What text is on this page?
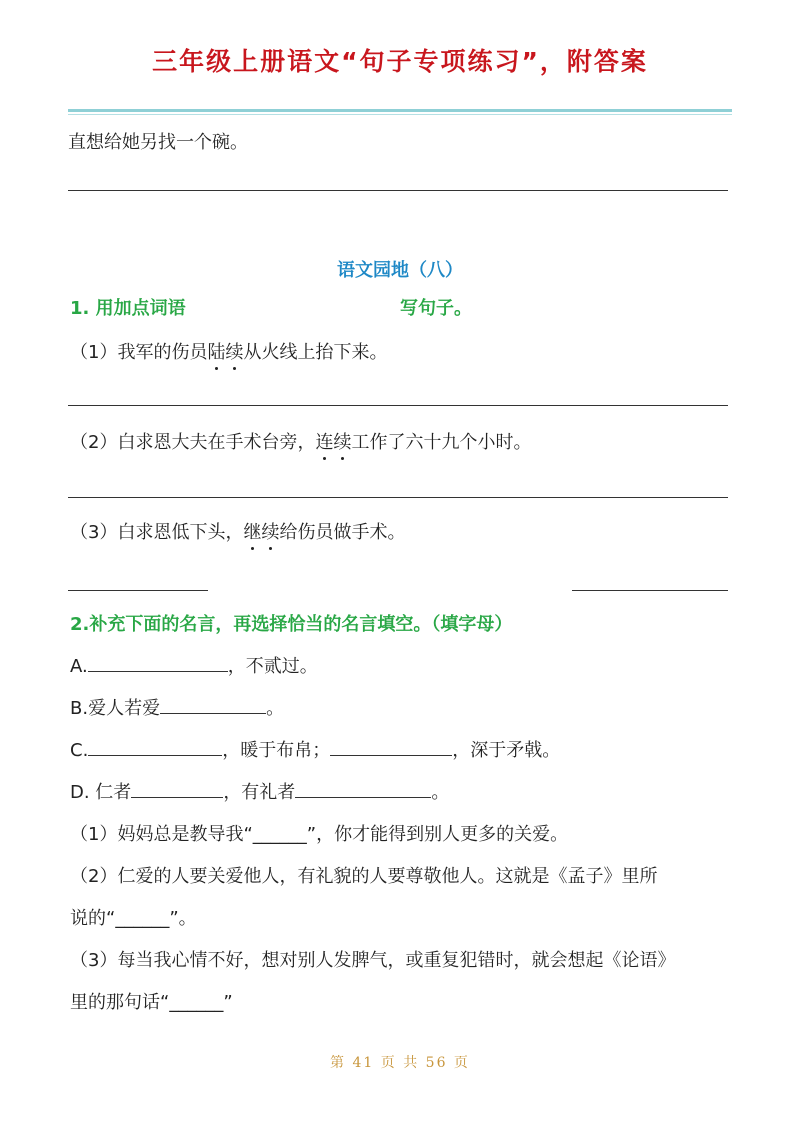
三年级上册语文“句子专项练习”，附答案
直想给她另找一个碗。
语文园地（八）
1. 用加点词语	写句子。
（1）我军的伤员陆续从火线上抬下来。
（2）白求恩大夫在手术台旁，连续工作了六十九个小时。
（3）白求恩低下头，继续给伤员做手术。
2.补充下面的名言，再选择恰当的名言填空。（填字母）
A.	，不贰过。
B.爱人若爱	。
C.	，暖于布帛；	，深于矛戟。
D. 仁者	，有礼者	。
（1）妈妈总是教导我“______”，你才能得到别人更多的关爱。
（2）仁爱的人要关爱他人，有礼貌的人要尊敬他人。这就是《孟子》里所
说的“______”。
（3）每当我心情不好，想对别人发脾气，或重复犯错时，就会想起《论语》
里的那句话“______”
第 41 页 共 56 页
